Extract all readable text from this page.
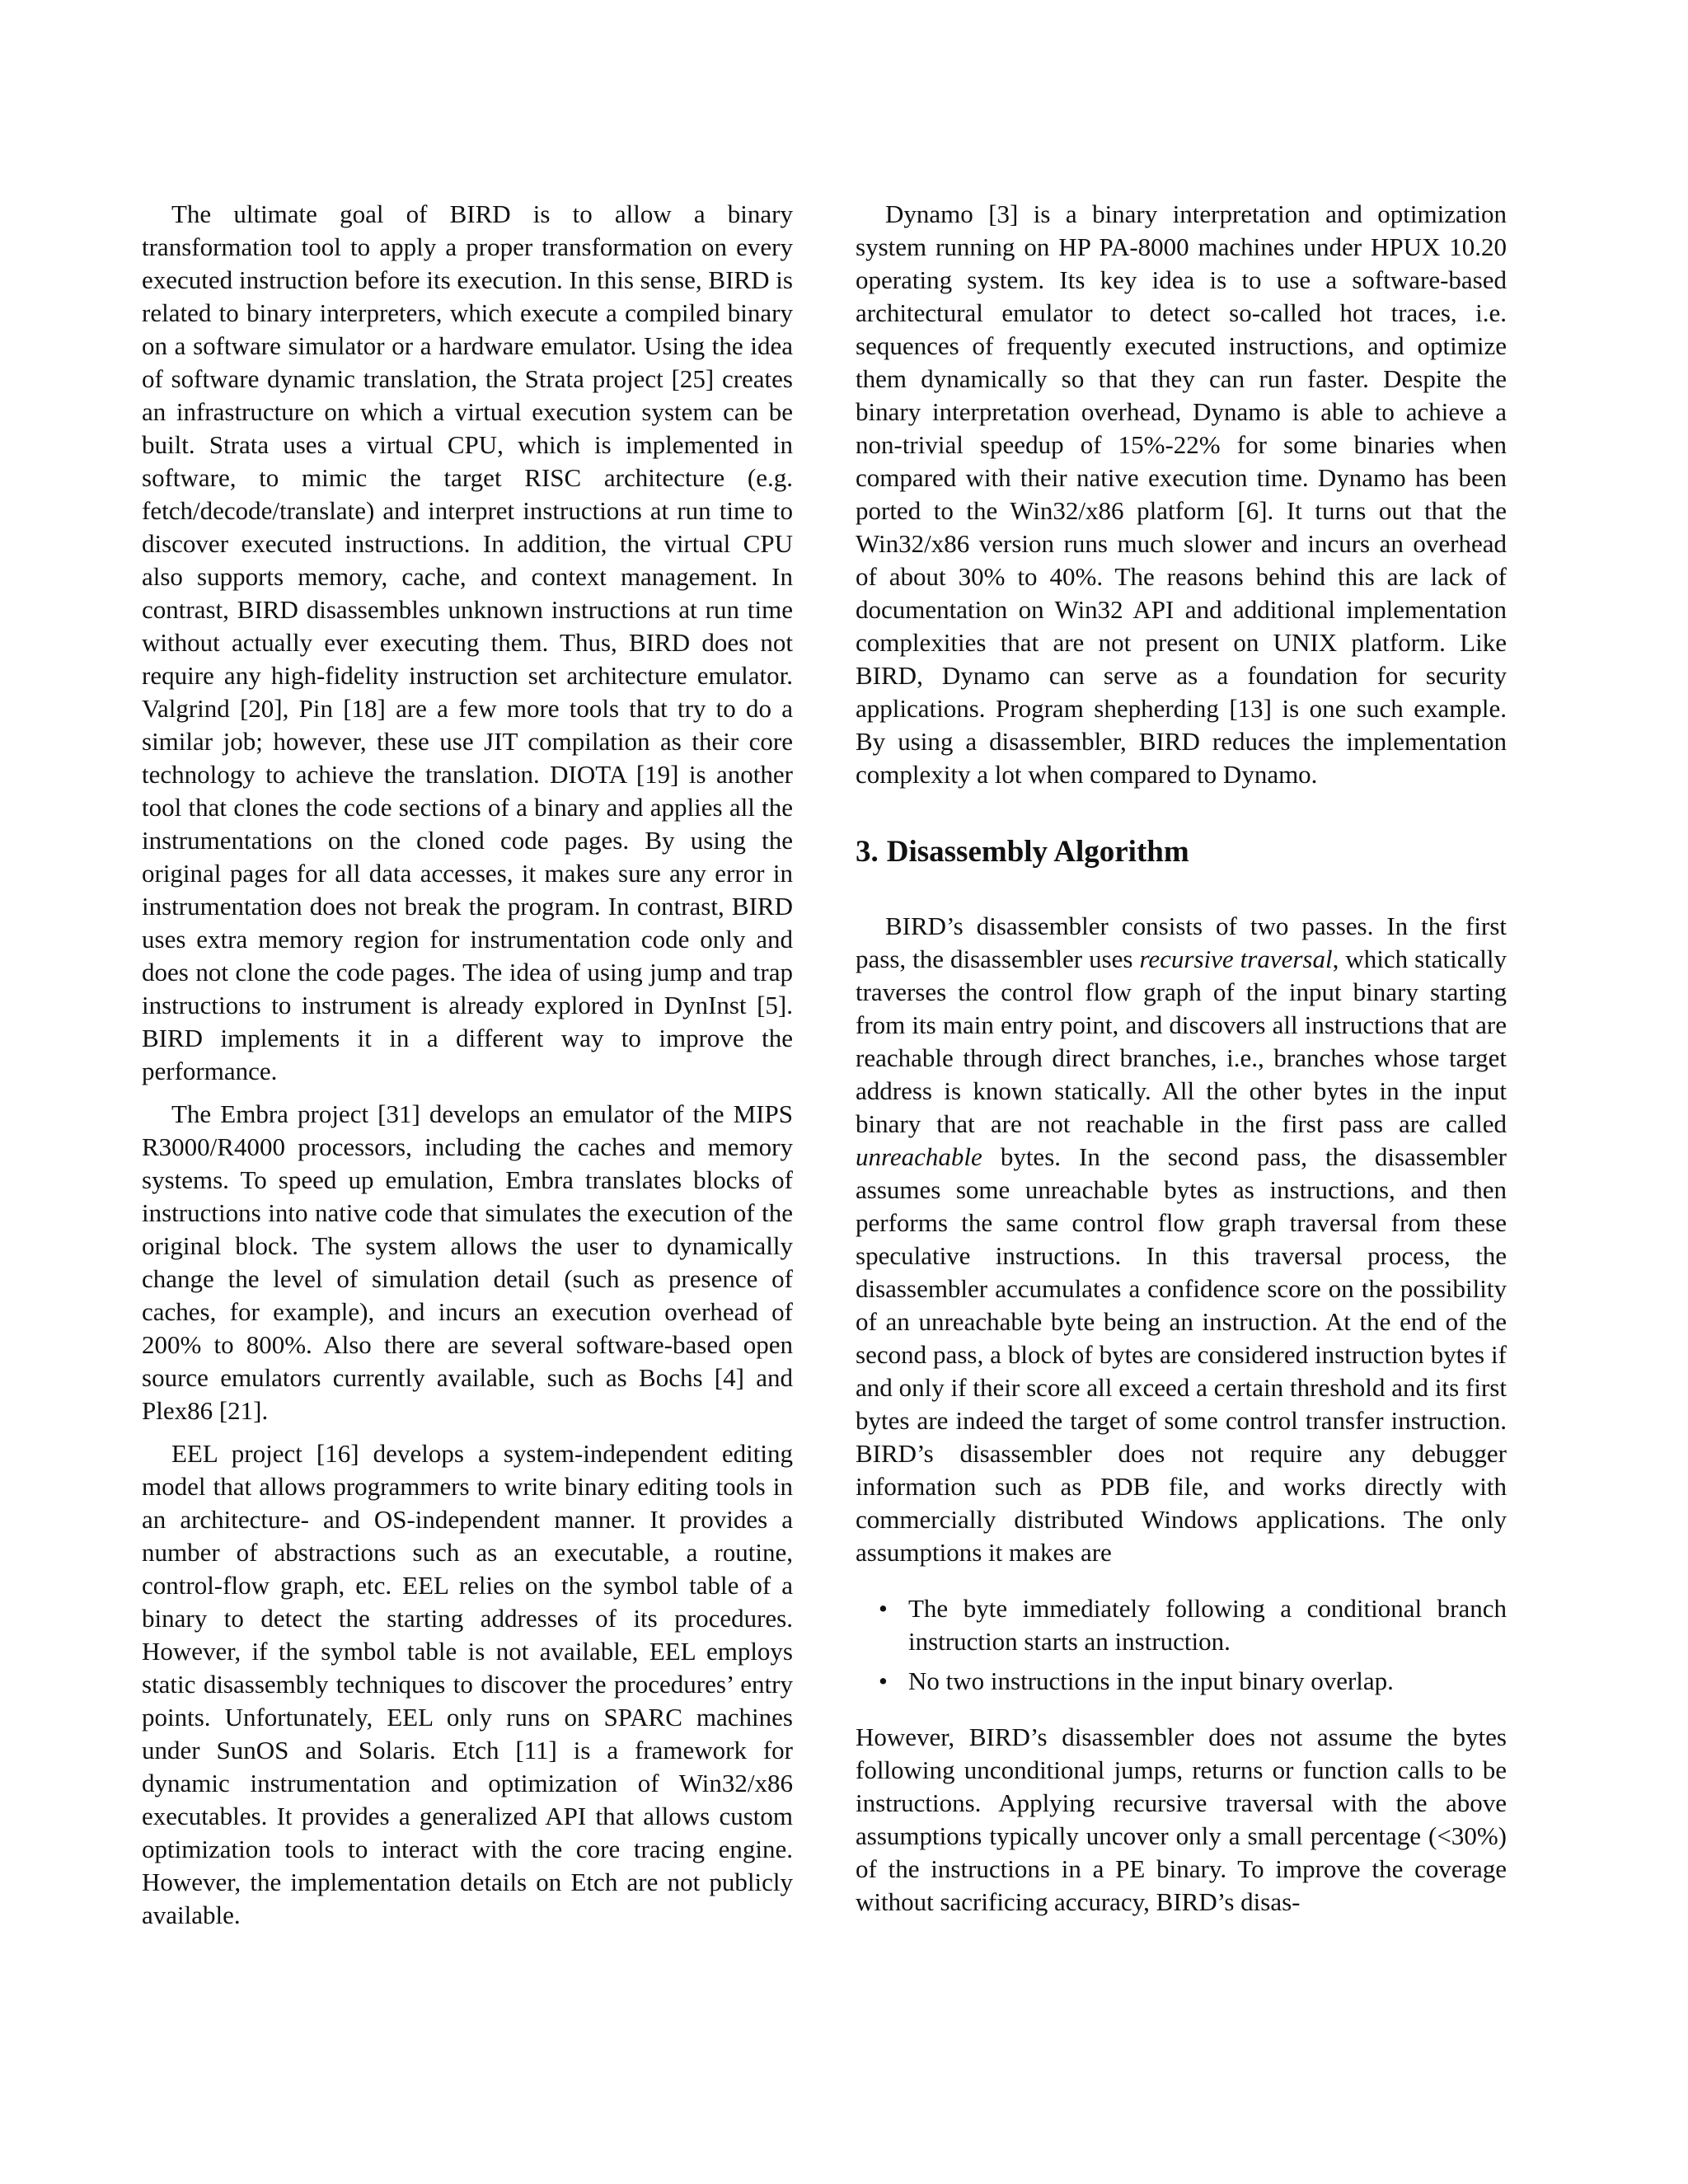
The ultimate goal of BIRD is to allow a binary transformation tool to apply a proper transformation on every executed instruction before its execution. In this sense, BIRD is related to binary interpreters, which execute a compiled binary on a software simulator or a hardware emulator. Using the idea of software dynamic translation, the Strata project [25] creates an infrastructure on which a virtual execution system can be built. Strata uses a virtual CPU, which is implemented in software, to mimic the target RISC architecture (e.g. fetch/decode/translate) and interpret instructions at run time to discover executed instructions. In addition, the virtual CPU also supports memory, cache, and context management. In contrast, BIRD disassembles unknown instructions at run time without actually ever executing them. Thus, BIRD does not require any high-fidelity instruction set architecture emulator. Valgrind [20], Pin [18] are a few more tools that try to do a similar job; however, these use JIT compilation as their core technology to achieve the translation. DIOTA [19] is another tool that clones the code sections of a binary and applies all the instrumentations on the cloned code pages. By using the original pages for all data accesses, it makes sure any error in instrumentation does not break the program. In contrast, BIRD uses extra memory region for instrumentation code only and does not clone the code pages. The idea of using jump and trap instructions to instrument is already explored in DynInst [5]. BIRD implements it in a different way to improve the performance.

The Embra project [31] develops an emulator of the MIPS R3000/R4000 processors, including the caches and memory systems. To speed up emulation, Embra translates blocks of instructions into native code that simulates the execution of the original block. The system allows the user to dynamically change the level of simulation detail (such as presence of caches, for example), and incurs an execution overhead of 200% to 800%. Also there are several software-based open source emulators currently available, such as Bochs [4] and Plex86 [21].

EEL project [16] develops a system-independent editing model that allows programmers to write binary editing tools in an architecture- and OS-independent manner. It provides a number of abstractions such as an executable, a routine, control-flow graph, etc. EEL relies on the symbol table of a binary to detect the starting addresses of its procedures. However, if the symbol table is not available, EEL employs static disassembly techniques to discover the procedures’ entry points. Unfortunately, EEL only runs on SPARC machines under SunOS and Solaris. Etch [11] is a framework for dynamic instrumentation and optimization of Win32/x86 executables. It provides a generalized API that allows custom optimization tools to interact with the core tracing engine. However, the implementation details on Etch are not publicly available.

Dynamo [3] is a binary interpretation and optimization system running on HP PA-8000 machines under HPUX 10.20 operating system. Its key idea is to use a software-based architectural emulator to detect so-called hot traces, i.e. sequences of frequently executed instructions, and optimize them dynamically so that they can run faster. Despite the binary interpretation overhead, Dynamo is able to achieve a non-trivial speedup of 15%-22% for some binaries when compared with their native execution time. Dynamo has been ported to the Win32/x86 platform [6]. It turns out that the Win32/x86 version runs much slower and incurs an overhead of about 30% to 40%. The reasons behind this are lack of documentation on Win32 API and additional implementation complexities that are not present on UNIX platform. Like BIRD, Dynamo can serve as a foundation for security applications. Program shepherding [13] is one such example. By using a disassembler, BIRD reduces the implementation complexity a lot when compared to Dynamo.

3. Disassembly Algorithm

BIRD’s disassembler consists of two passes. In the first pass, the disassembler uses recursive traversal, which statically traverses the control flow graph of the input binary starting from its main entry point, and discovers all instructions that are reachable through direct branches, i.e., branches whose target address is known statically. All the other bytes in the input binary that are not reachable in the first pass are called unreachable bytes. In the second pass, the disassembler assumes some unreachable bytes as instructions, and then performs the same control flow graph traversal from these speculative instructions. In this traversal process, the disassembler accumulates a confidence score on the possibility of an unreachable byte being an instruction. At the end of the second pass, a block of bytes are considered instruction bytes if and only if their score all exceed a certain threshold and its first bytes are indeed the target of some control transfer instruction. BIRD’s disassembler does not require any debugger information such as PDB file, and works directly with commercially distributed Windows applications. The only assumptions it makes are

• The byte immediately following a conditional branch instruction starts an instruction.
• No two instructions in the input binary overlap.

However, BIRD’s disassembler does not assume the bytes following unconditional jumps, returns or function calls to be instructions. Applying recursive traversal with the above assumptions typically uncover only a small percentage (<30%) of the instructions in a PE binary. To improve the coverage without sacrificing accuracy, BIRD’s disas-
